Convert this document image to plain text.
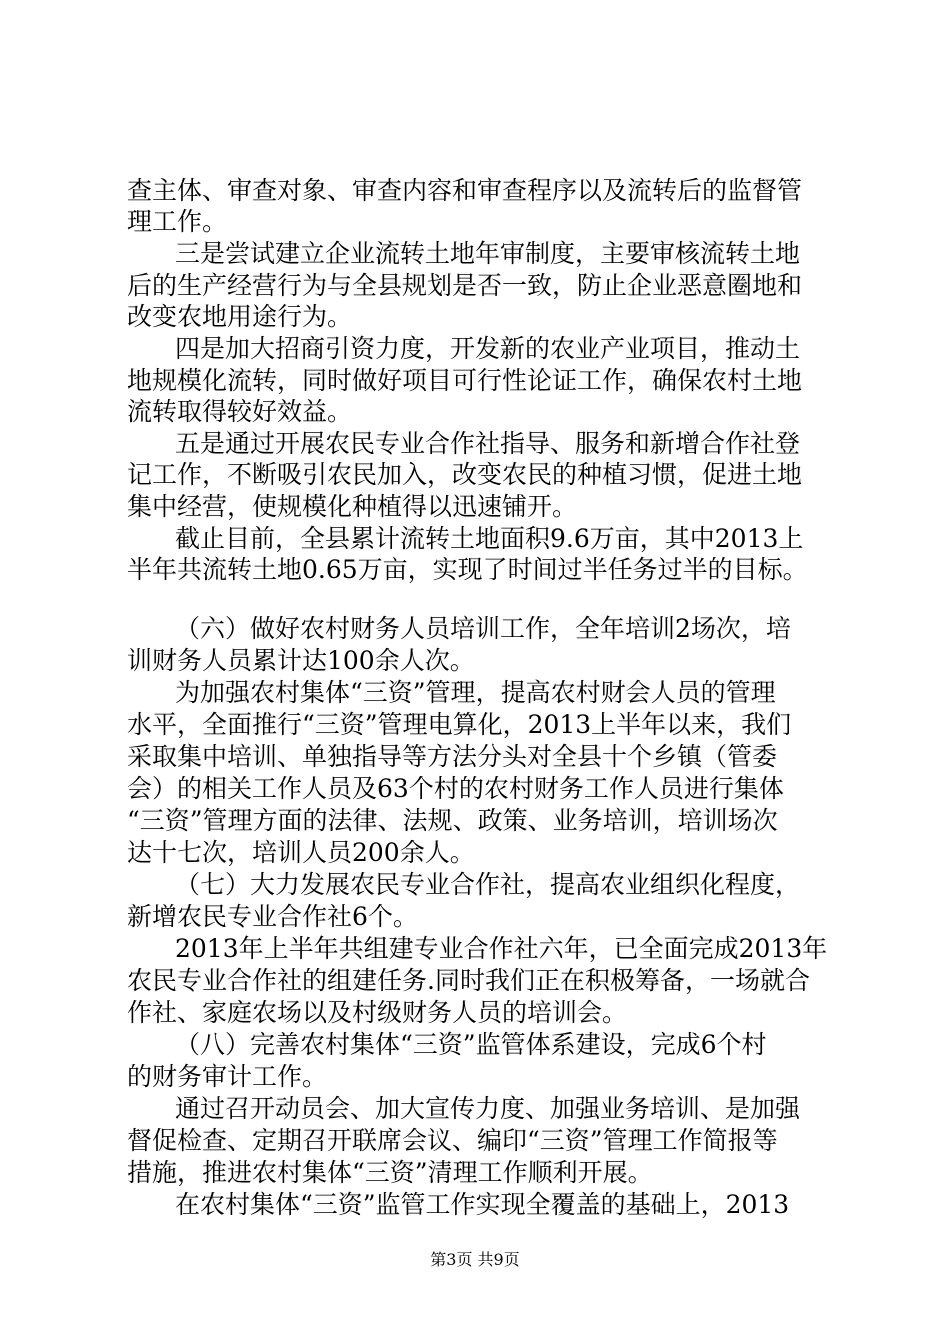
查主体、审查对象、审查内容和审查程序以及流转后的监督管
理工作。
三是尝试建立企业流转土地年审制度，主要审核流转土地
后的生产经营行为与全县规划是否一致，防止企业恶意圈地和
改变农地用途行为。
四是加大招商引资力度，开发新的农业产业项目，推动土
地规模化流转，同时做好项目可行性论证工作，确保农村土地
流转取得较好效益。
五是通过开展农民专业合作社指导、服务和新增合作社登
记工作，不断吸引农民加入，改变农民的种植习惯，促进土地
集中经营，使规模化种植得以迅速铺开。
截止目前，全县累计流转土地面积9.6万亩，其中2013上
半年共流转土地0.65万亩，实现了时间过半任务过半的目标。
（六）做好农村财务人员培训工作，全年培训2场次，培
训财务人员累计达100余人次。
为加强农村集体“三资”管理，提高农村财会人员的管理
水平，全面推行“三资”管理电算化，2013上半年以来，我们
采取集中培训、单独指导等方法分头对全县十个乡镇（管委
会）的相关工作人员及63个村的农村财务工作人员进行集体
“三资”管理方面的法律、法规、政策、业务培训，培训场次
达十七次，培训人员200余人。
（七）大力发展农民专业合作社，提高农业组织化程度，
新增农民专业合作社6个。
2013年上半年共组建专业合作社六年，已全面完成2013年
农民专业合作社的组建任务.同时我们正在积极筹备，一场就合
作社、家庭农场以及村级财务人员的培训会。
（八）完善农村集体“三资”监管体系建设，完成6个村
的财务审计工作。
通过召开动员会、加大宣传力度、加强业务培训、是加强
督促检查、定期召开联席会议、编印“三资”管理工作简报等
措施，推进农村集体“三资”清理工作顺利开展。
在农村集体“三资”监管工作实现全覆盖的基础上，2013
第3页 共9页
